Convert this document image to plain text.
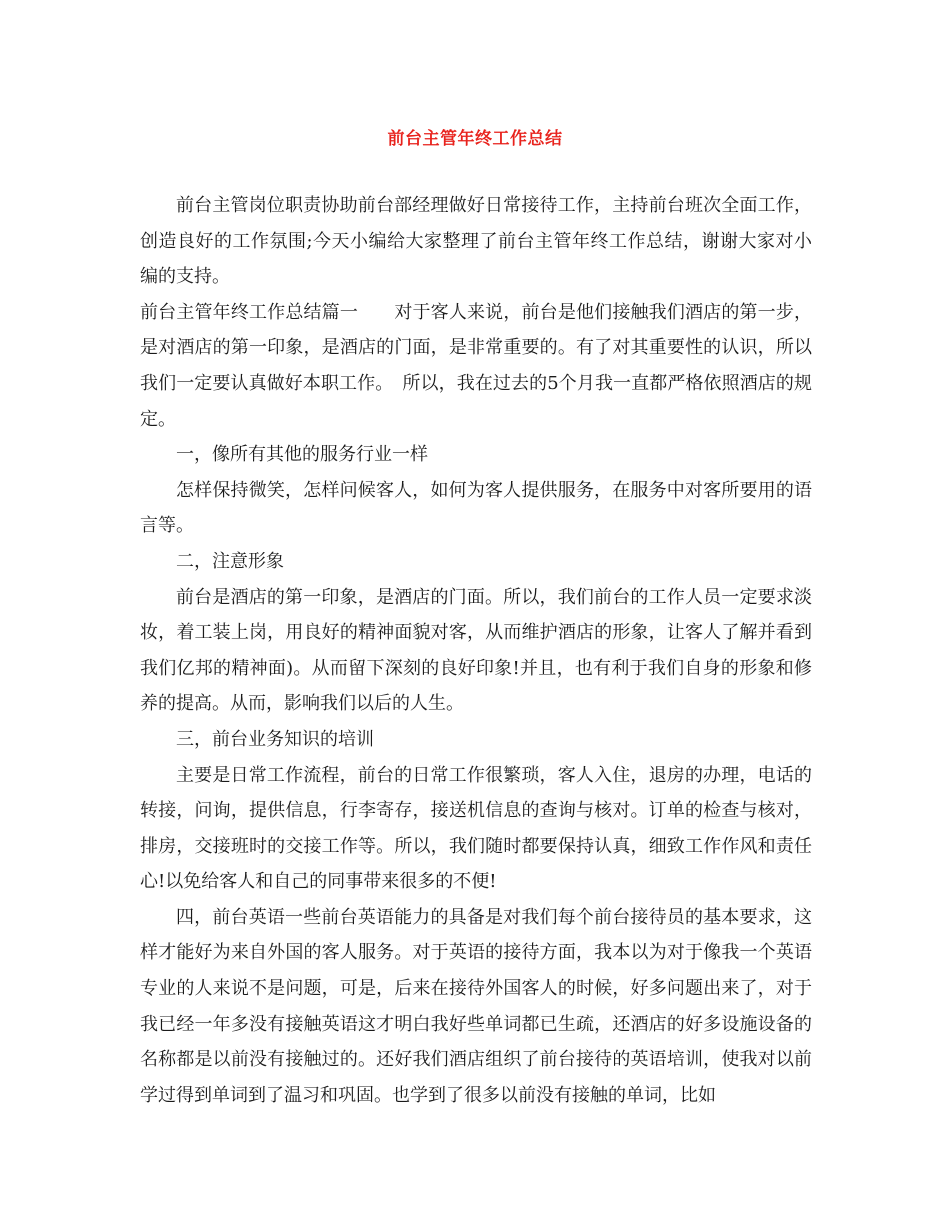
前台主管年终工作总结

前台主管岗位职责协助前台部经理做好日常接待工作，主持前台班次全面工作，创造良好的工作氛围;今天小编给大家整理了前台主管年终工作总结，谢谢大家对小编的支持。

前台主管年终工作总结篇一　　对于客人来说，前台是他们接触我们酒店的第一步，是对酒店的第一印象，是酒店的门面，是非常重要的。有了对其重要性的认识，所以我们一定要认真做好本职工作。　所以，我在过去的5个月我一直都严格依照酒店的规定。

一，像所有其他的服务行业一样

怎样保持微笑，怎样问候客人，如何为客人提供服务，在服务中对客所要用的语言等。

二，注意形象

前台是酒店的第一印象，是酒店的门面。所以，我们前台的工作人员一定要求淡妆，着工装上岗，用良好的精神面貌对客，从而维护酒店的形象，让客人了解并看到我们亿邦的精神面)。从而留下深刻的良好印象!并且，也有利于我们自身的形象和修养的提高。从而，影响我们以后的人生。

三，前台业务知识的培训

主要是日常工作流程，前台的日常工作很繁琐，客人入住，退房的办理，电话的转接，问询，提供信息，行李寄存，接送机信息的查询与核对。订单的检查与核对，排房，交接班时的交接工作等。所以，我们随时都要保持认真，细致工作作风和责任心!以免给客人和自己的同事带来很多的不便!

四，前台英语一些前台英语能力的具备是对我们每个前台接待员的基本要求，这样才能好为来自外国的客人服务。对于英语的接待方面，我本以为对于像我一个英语专业的人来说不是问题，可是，后来在接待外国客人的时候，好多问题出来了，对于我已经一年多没有接触英语这才明白我好些单词都已生疏，还酒店的好多设施设备的名称都是以前没有接触过的。还好我们酒店组织了前台接待的英语培训，使我对以前学过得到单词到了温习和巩固。也学到了很多以前没有接触的单词，比如
